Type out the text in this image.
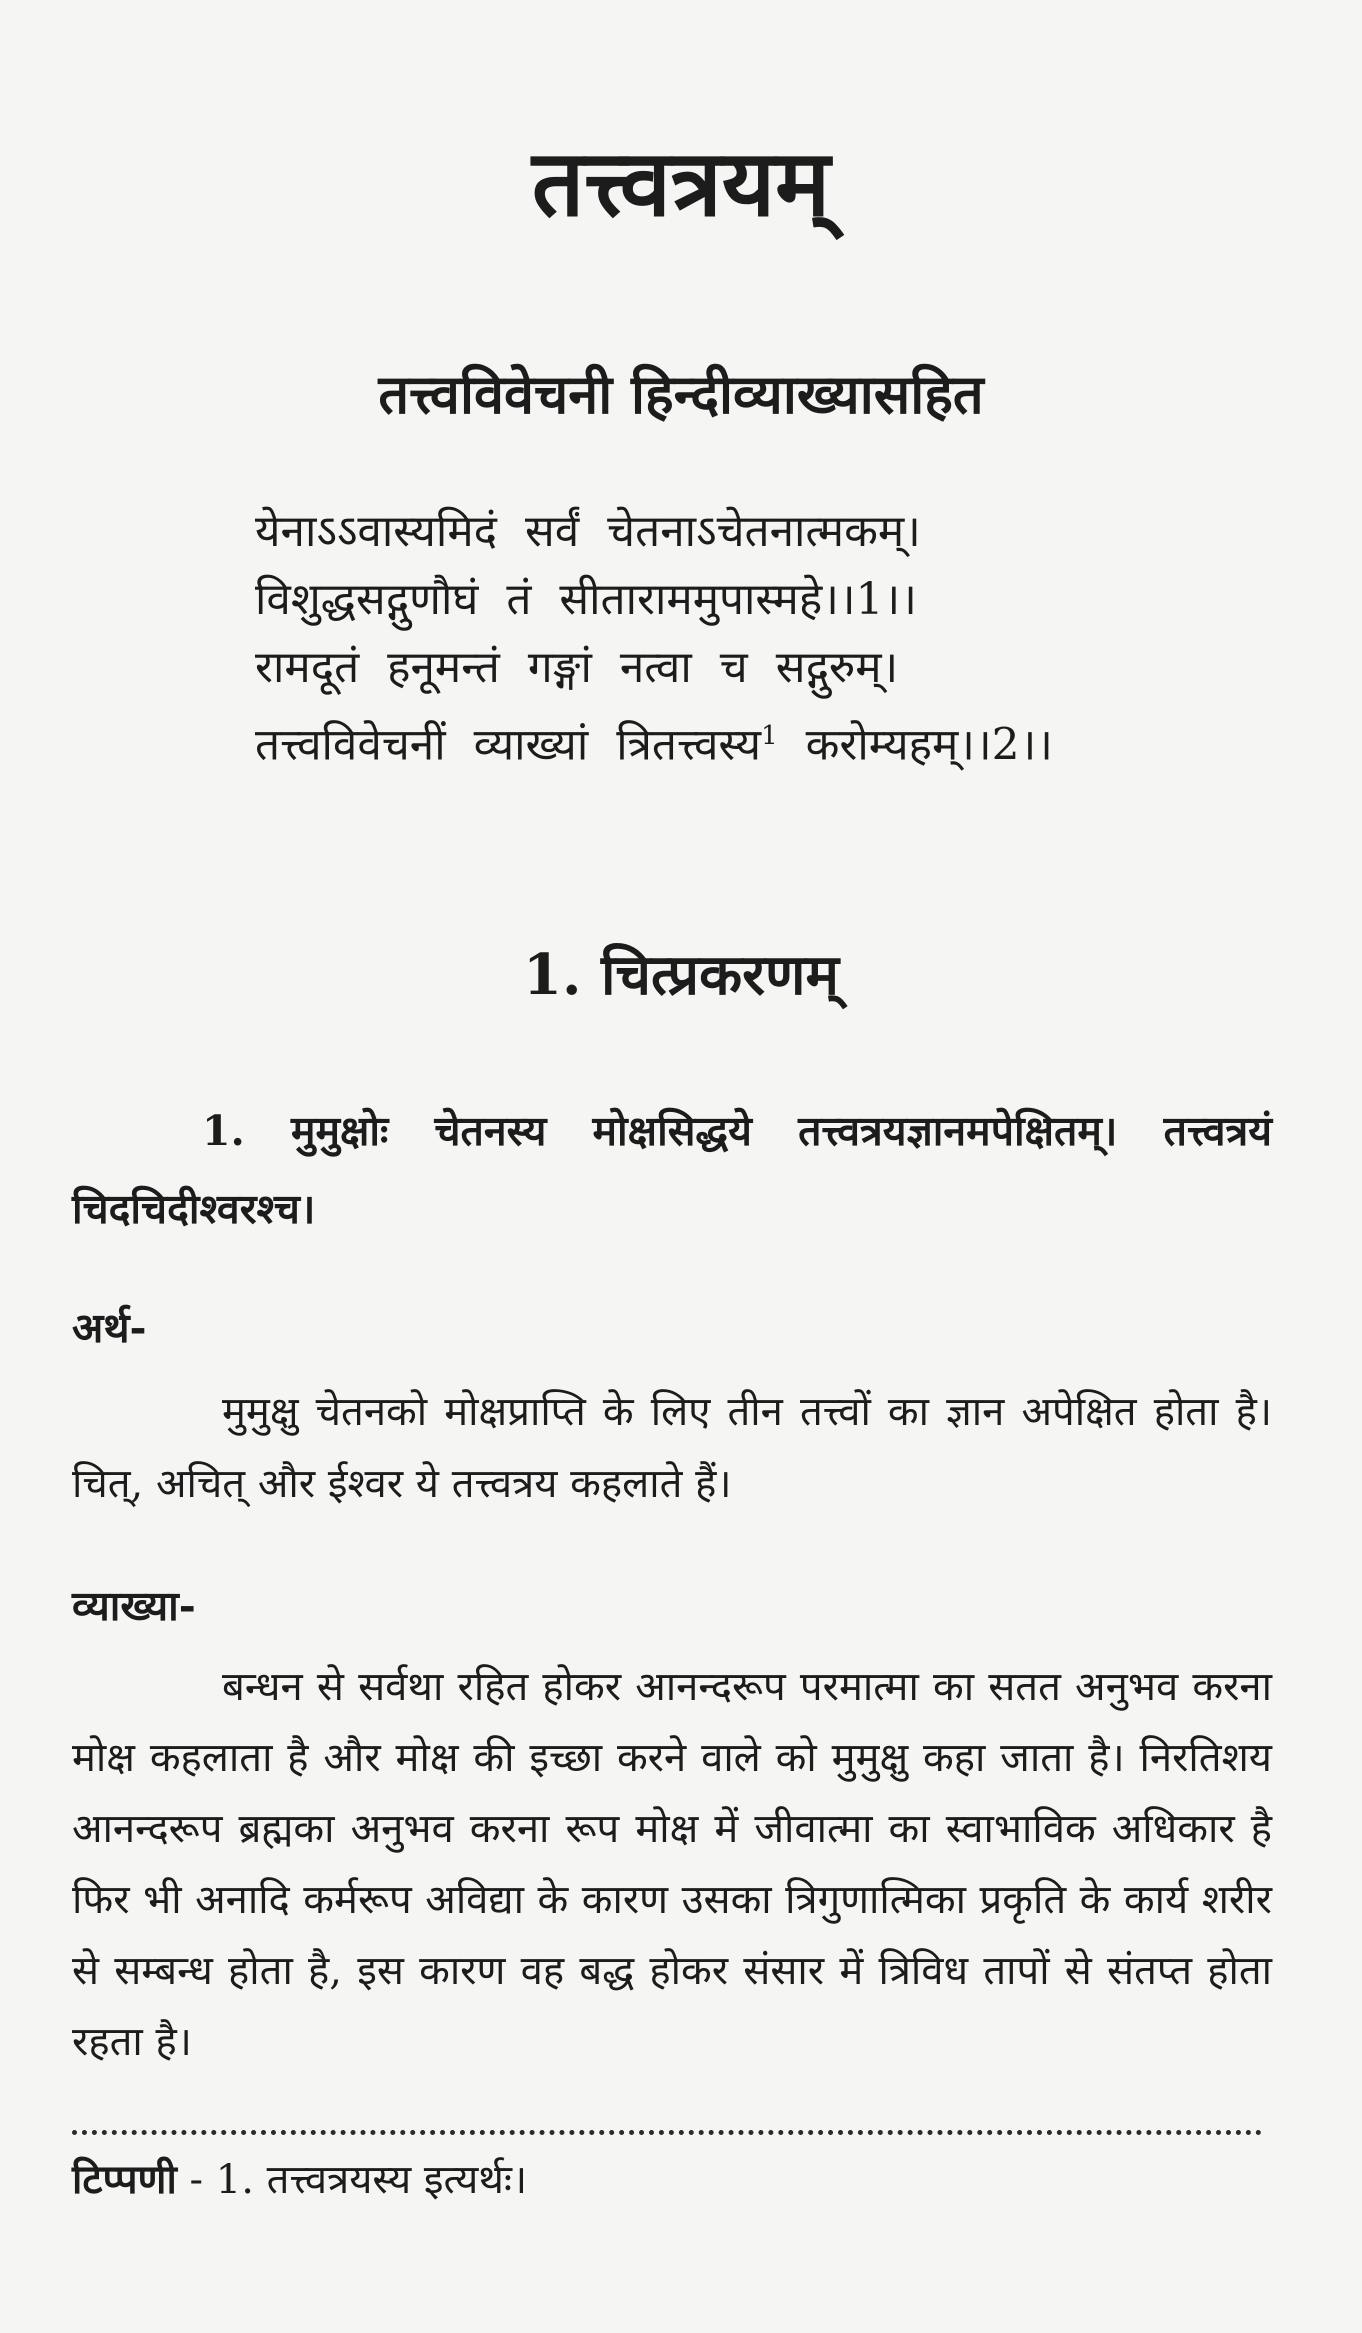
तत्त्वत्रयम्
तत्त्वविवेचनी हिन्दीव्याख्यासहित
येनाऽऽवास्यमिदं सर्वं चेतनाऽचेतनात्मकम्।
विशुद्धसद्गुणौघं तं सीताराममुपास्महे।।1।।
रामदूतं हनूमन्तं गङ्गां नत्वा च सद्गुरुम्।
तत्त्वविवेचनीं व्याख्यां त्रितत्त्वस्य$^1$ करोम्यहम्।।2।।
1. चित्प्रकरणम्

1. मुमुक्षोः चेतनस्य मोक्षसिद्धये तत्त्वत्रयज्ञानमपेक्षितम्। तत्त्वत्रयं चिदचिदीश्वरश्च।

अर्थ-

मुमुक्षु चेतनको मोक्षप्राप्ति के लिए तीन तत्त्वों का ज्ञान अपेक्षित होता है। चित्, अचित् और ईश्वर ये तत्त्वत्रय कहलाते हैं।

व्याख्या-

बन्धन से सर्वथा रहित होकर आनन्दरूप परमात्मा का सतत अनुभव करना मोक्ष कहलाता है और मोक्ष की इच्छा करने वाले को मुमुक्षु कहा जाता है। निरतिशय आनन्दरूप ब्रह्मका अनुभव करना रूप मोक्ष में जीवात्मा का स्वाभाविक अधिकार है फिर भी अनादि कर्मरूप अविद्या के कारण उसका त्रिगुणात्मिका प्रकृति के कार्य शरीर से सम्बन्ध होता है, इस कारण वह बद्ध होकर संसार में त्रिविध तापों से संतप्त होता रहता है।

टिप्पणी - 1. तत्त्वत्रयस्य इत्यर्थः।
